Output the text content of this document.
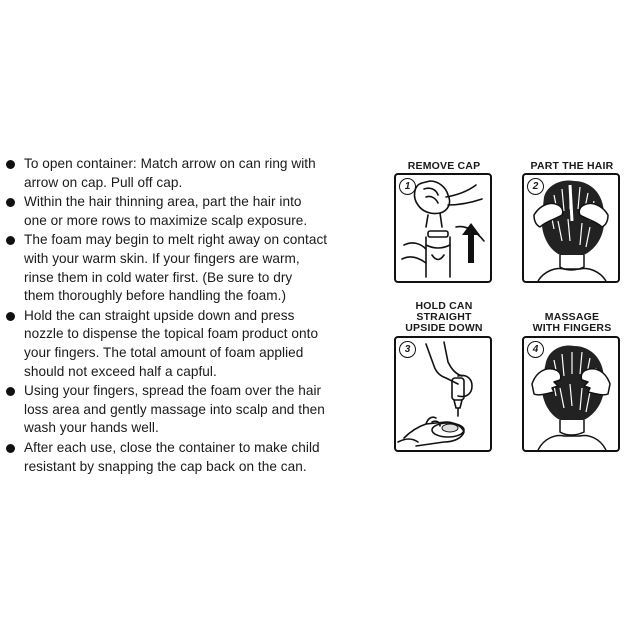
To open container: Match arrow on can ring with
arrow on cap. Pull off cap.
Within the hair thinning area, part the hair into
one or more rows to maximize scalp exposure.
The foam may begin to melt right away on contact
with your warm skin. If your fingers are warm,
rinse them in cold water first. (Be sure to dry
them thoroughly before handling the foam.)
Hold the can straight upside down and press
nozzle to dispense the topical foam product onto
your fingers. The total amount of foam applied
should not exceed half a capful.
Using your fingers, spread the foam over the hair
loss area and gently massage into scalp and then
wash your hands well.
After each use, close the container to make child
resistant by snapping the cap back on the can.
REMOVE CAP
1
PART THE HAIR
2
HOLD CAN
STRAIGHT
UPSIDE DOWN
3
MASSAGE
WITH FINGERS
4
